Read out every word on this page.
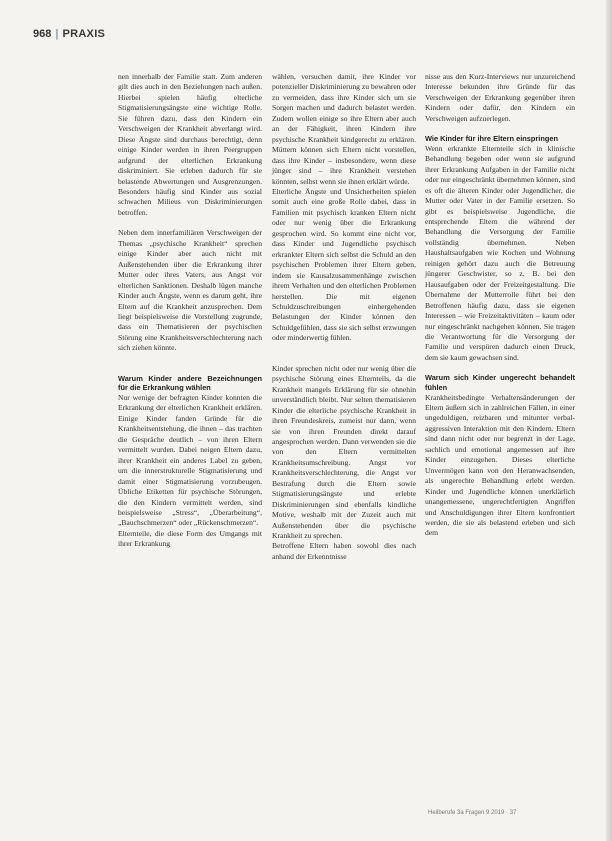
968 | PRAXIS

nen innerhalb der Familie statt. Zum anderen gilt dies auch in den Beziehungen nach außen. Hierbei spielen häufig elterliche Stigmatisierungsängste eine wichtige Rolle. Sie führen dazu, dass den Kindern ein Verschweigen der Krankheit abverlangt wird. Diese Ängste sind durchaus berechtigt, denn einige Kinder werden in ihren Peergruppen aufgrund der elterlichen Erkrankung diskriminiert. Sie erleben dadurch für sie belastende Abwertungen und Ausgrenzungen. Besonders häufig sind Kinder aus sozial schwachen Milieus von Diskriminierungen betroffen.

Neben dem innerfamiliären Verschweigen der Themas „psychische Krankheit“ sprechen einige Kinder aber auch nicht mit Außenstehenden über die Erkrankung ihrer Mutter oder ihres Vaters, aus Angst vor elterlichen Sanktionen. Deshalb lügen manche Kinder auch Ängste, wenn es darum geht, ihre Eltern auf die Krankheit anzusprechen. Dem liegt beispielsweise die Vorstellung zugrunde, dass ein Thematisieren der psychischen Störung eine Krankheitsverschlechterung nach sich ziehen könnte.

Warum Kinder andere Bezeichnungen für die Erkrankung wählen

Nur wenige der befragten Kinder konnten die Erkrankung der elterlichen Krankheit erklären. Einige Kinder fanden Gründe für die Krankheitsentstehung, die ihnen – das trachten die Gespräche deutlich – von ihren Eltern vermittelt wurden. Dabei neigen Eltern dazu, ihrer Krankheit ein anderes Label zu geben, um die innerstrukturelle Stigmatisierung und damit einer Stigmatisierung vorzubeugen. Übliche Etiketten für psychische Störungen, die den Kindern vermittelt werden, sind beispielsweise „Stress“, „Überarbeitung“, „Bauchschmerzen“ oder „Rückenschmerzen“.

Elternteile, die diese Form des Umgangs mit ihrer Erkrankung

wählen, versuchen damit, ihre Kinder vor potenzieller Diskriminierung zu bewahren oder zu vermeiden, dass ihre Kinder sich um sie Sorgen machen und dadurch belastet werden. Zudem wollen einige so ihre Eltern aber auch an der Fähigkeit, ihren Kindern ihre psychische Krankheit kindgerecht zu erklären. Müttern können sich Eltern nicht vorstellen, dass ihre Kinder – insbesondere, wenn diese jünger sind – ihre Krankheit verstehen könnten, selbst wenn sie ihnen erklärt würde.

Elterliche Ängste und Unsicherheiten spielen somit auch eine große Rolle dabei, dass in Familien mit psychisch kranken Eltern nicht oder nur wenig über die Erkrankung gesprochen wird. So kommt eine nicht vor, dass Kinder und Jugendliche psychisch erkrankter Eltern sich selbst die Schuld an den psychischen Problemen ihrer Eltern geben, indem sie Kausalzusammenhänge zwischen ihrem Verhalten und den elterlichen Problemen herstellen. Die mit eigenen Schuldzuschreibungen einhergehenden Belastungen der Kinder können den Schuldgefühlen, dass sie sich selbst erzwungen oder minderwertig fühlen.

Kinder sprechen nicht oder nur wenig über die psychische Störung eines Elternteils, da die Krankheit mangels Erklärung für sie ohnehin unverständlich bleibt. Nur selten thematisieren Kinder die elterliche psychische Krankheit in ihren Freundeskreis, zumeist nur dann, wenn sie von ihren Freunden direkt darauf angesprochen werden. Dann verwenden sie die von den Eltern vermittelten Krankheitsumschreibung. Angst vor Krankheitsverschlechterung, die Angst vor Bestrafung durch die Eltern sowie Stigmatisierungsängste und erlebte Diskriminierungen sind ebenfalls kindliche Motive, weshalb mit der Zuzeit auch mit Außenstehenden über die psychische Krankheit zu sprechen.

Betroffene Eltern haben sowohl dies nach anhand der Erkenntnisse

nisse aus den Kurz-Interviews nur unzureichend Interesse bekunden ihre Gründe für das Verschweigen der Erkrankung gegenüber ihren Kindern oder dafür, den Kindern ein Verschweigen aufzuerlegen.

Wie Kinder für ihre Eltern einspringen

Wenn erkrankte Elternteile sich in klinische Behandlung begeben oder wenn sie aufgrund ihrer Erkrankung Aufgaben in der Familie nicht oder nur eingeschränkt übernehmen können, sind es oft die älteren Kinder oder Jugendlicher, die Mutter oder Vater in der Familie ersetzen. So gibt es beispielsweise Jugendliche, die entsprechende Eltern die während der Behandlung die Versorgung der Familie vollständig übernehmen. Neben Haushaltsaufgaben wie Kochen und Wohnung reinigen gehört dazu auch die Betreuung jüngerer Geschwister, so z. B. bei den Hausaufgaben oder der Freizeitgestaltung. Die Übernahme der Mutterrolle führt bei den Betroffenen häufig dazu, dass sie eigenen Interessen – wie Freizeitaktivitäten – kaum oder nur eingeschränkt nachgehen können. Sie tragen die Verantwortung für die Versorgung der Familie und verspüren dadurch einen Druck, dem sie kaum gewachsen sind.

Warum sich Kinder ungerecht behandelt fühlen

Krankheitsbedingte Verhaltensänderungen der Eltern äußern sich in zahlreichen Fällen, in einer ungeduldigen, reizbaren und mitunter verbal-aggressiven Interaktion mit den Kindern. Eltern sind dann nicht oder nur begrenzt in der Lage, sachlich und emotional angemessen auf ihre Kinder einzugehen. Dieses elterliche Unvermögen kann von den Heranwachsenden, als ungerechte Behandlung erlebt werden. Kinder und Jugendliche können unerklärlich unangemessene, ungerechtfertigten Angriffen und Anschuldigungen ihrer Eltern konfrontiert werden, die sie als belastend erleben und sich dem

Heilberufe 3a Fragen 9 2019 · 37
